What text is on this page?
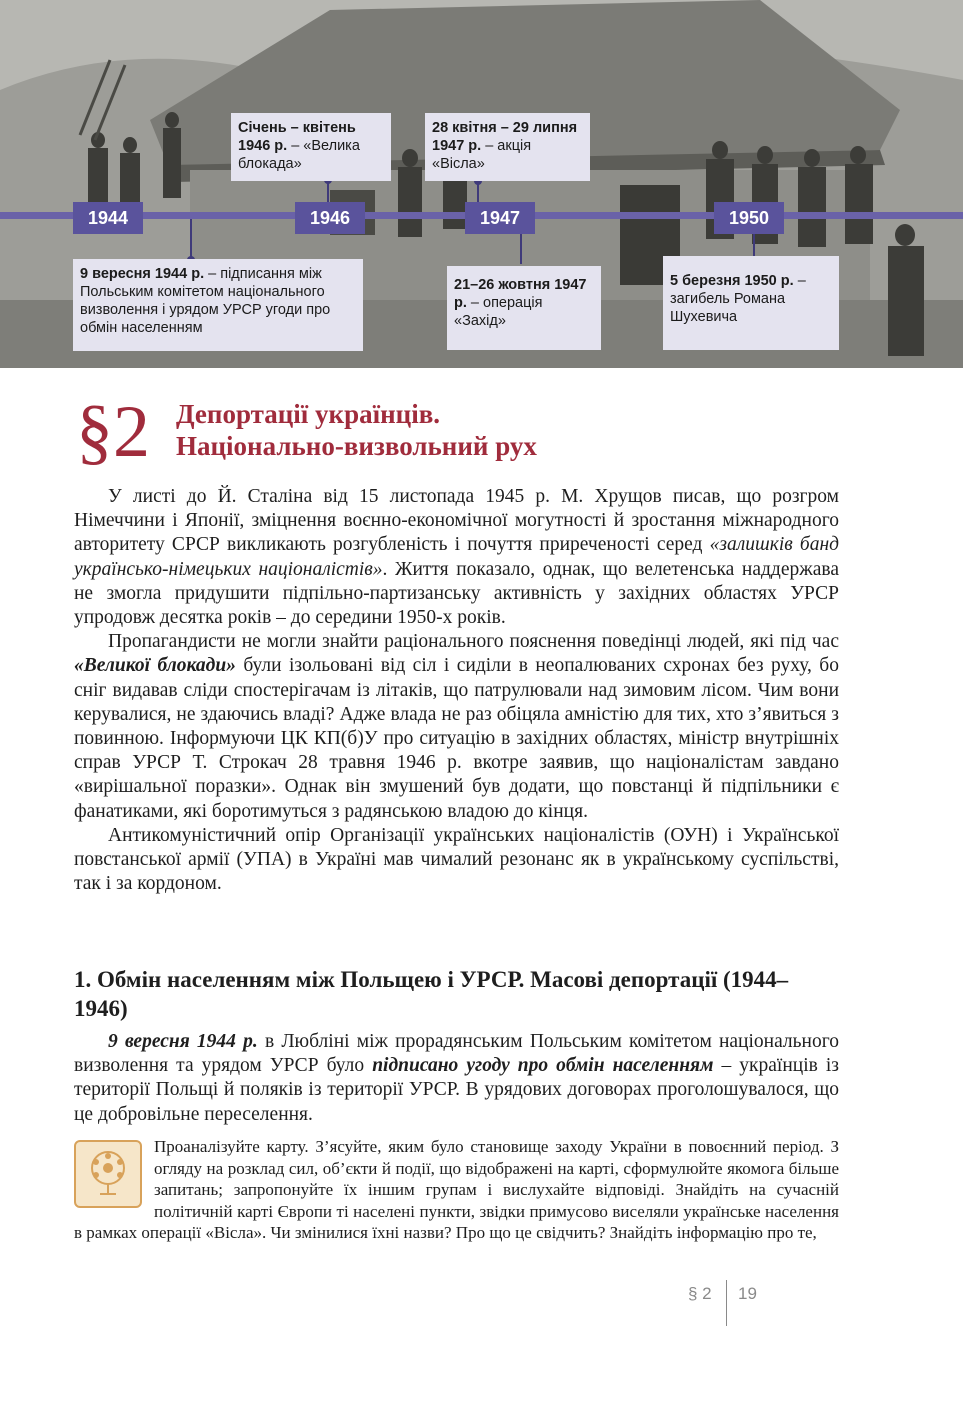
1944	1946	1947	1950
Січень – квітень 1946 р. – «Велика блокада»
28 квітня – 29 липня 1947 р. – акція «Вісла»
9 вересня 1944 р. – підписання між Польським комітетом національного визволення і урядом УРСР угоди про обмін населенням
21–26 жовтня 1947 р. – операція «Захід»
5 березня 1950 р. – загибель Романа Шухевича
§2 Депортації українців.
Національно-визвольний рух

У листі до Й. Сталіна від 15 листопада 1945 р. М. Хрущов писав, що розгром Німеччини і Японії, зміцнення воєнно-економічної могутності й зростання міжнародного авторитету СРСР викликають розгубленість і почуття приреченості серед «залишків банд українсько-німецьких націоналістів». Життя показало, однак, що велетенська наддержава не змогла придушити підпільно-партизанську активність у західних областях УРСР упродовж десятка років – до середини 1950-х років.

Пропагандисти не могли знайти раціонального пояснення поведінці людей, які під час «Великої блокади» були ізольовані від сіл і сиділи в неопалюваних схронах без руху, бо сніг видавав сліди спостерігачам із літаків, що патрулювали над зимовим лісом. Чим вони керувалися, не здаючись владі? Адже влада не раз обіцяла амністію для тих, хто з’явиться з повинною. Інформуючи ЦК КП(б)У про ситуацію в західних областях, міністр внутрішніх справ УРСР Т. Строкач 28 травня 1946 р. вкотре заявив, що націоналістам завдано «вирішальної поразки». Однак він змушений був додати, що повстанці й підпільники є фанатиками, які боротимуться з радянською владою до кінця.

Антикомуністичний опір Організації українських націоналістів (ОУН) і Української повстанської армії (УПА) в Україні мав чималий резонанс як в українському суспільстві, так і за кордоном.

1. Обмін населенням між Польщею і УРСР. Масові депортації (1944–1946)

9 вересня 1944 р. в Любліні між прорадянським Польським комітетом національного визволення та урядом УРСР було підписано угоду про обмін населенням – українців із території Польщі й поляків із території УРСР. В урядових договорах проголошувалося, що це добровільне переселення.

Проаналізуйте карту. З’ясуйте, яким було становище заходу України в повоєнний період. З огляду на розклад сил, об’єкти й події, що відображені на карті, сформулюйте якомога більше запитань; запропонуйте їх іншим групам і вислухайте відповіді. Знайдіть на сучасній політичній карті Європи ті населені пункти, звідки примусово виселяли українське населення в рамках операції «Вісла». Чи змінилися їхні назви? Про що це свідчить? Знайдіть інформацію про те,
§ 2 19
